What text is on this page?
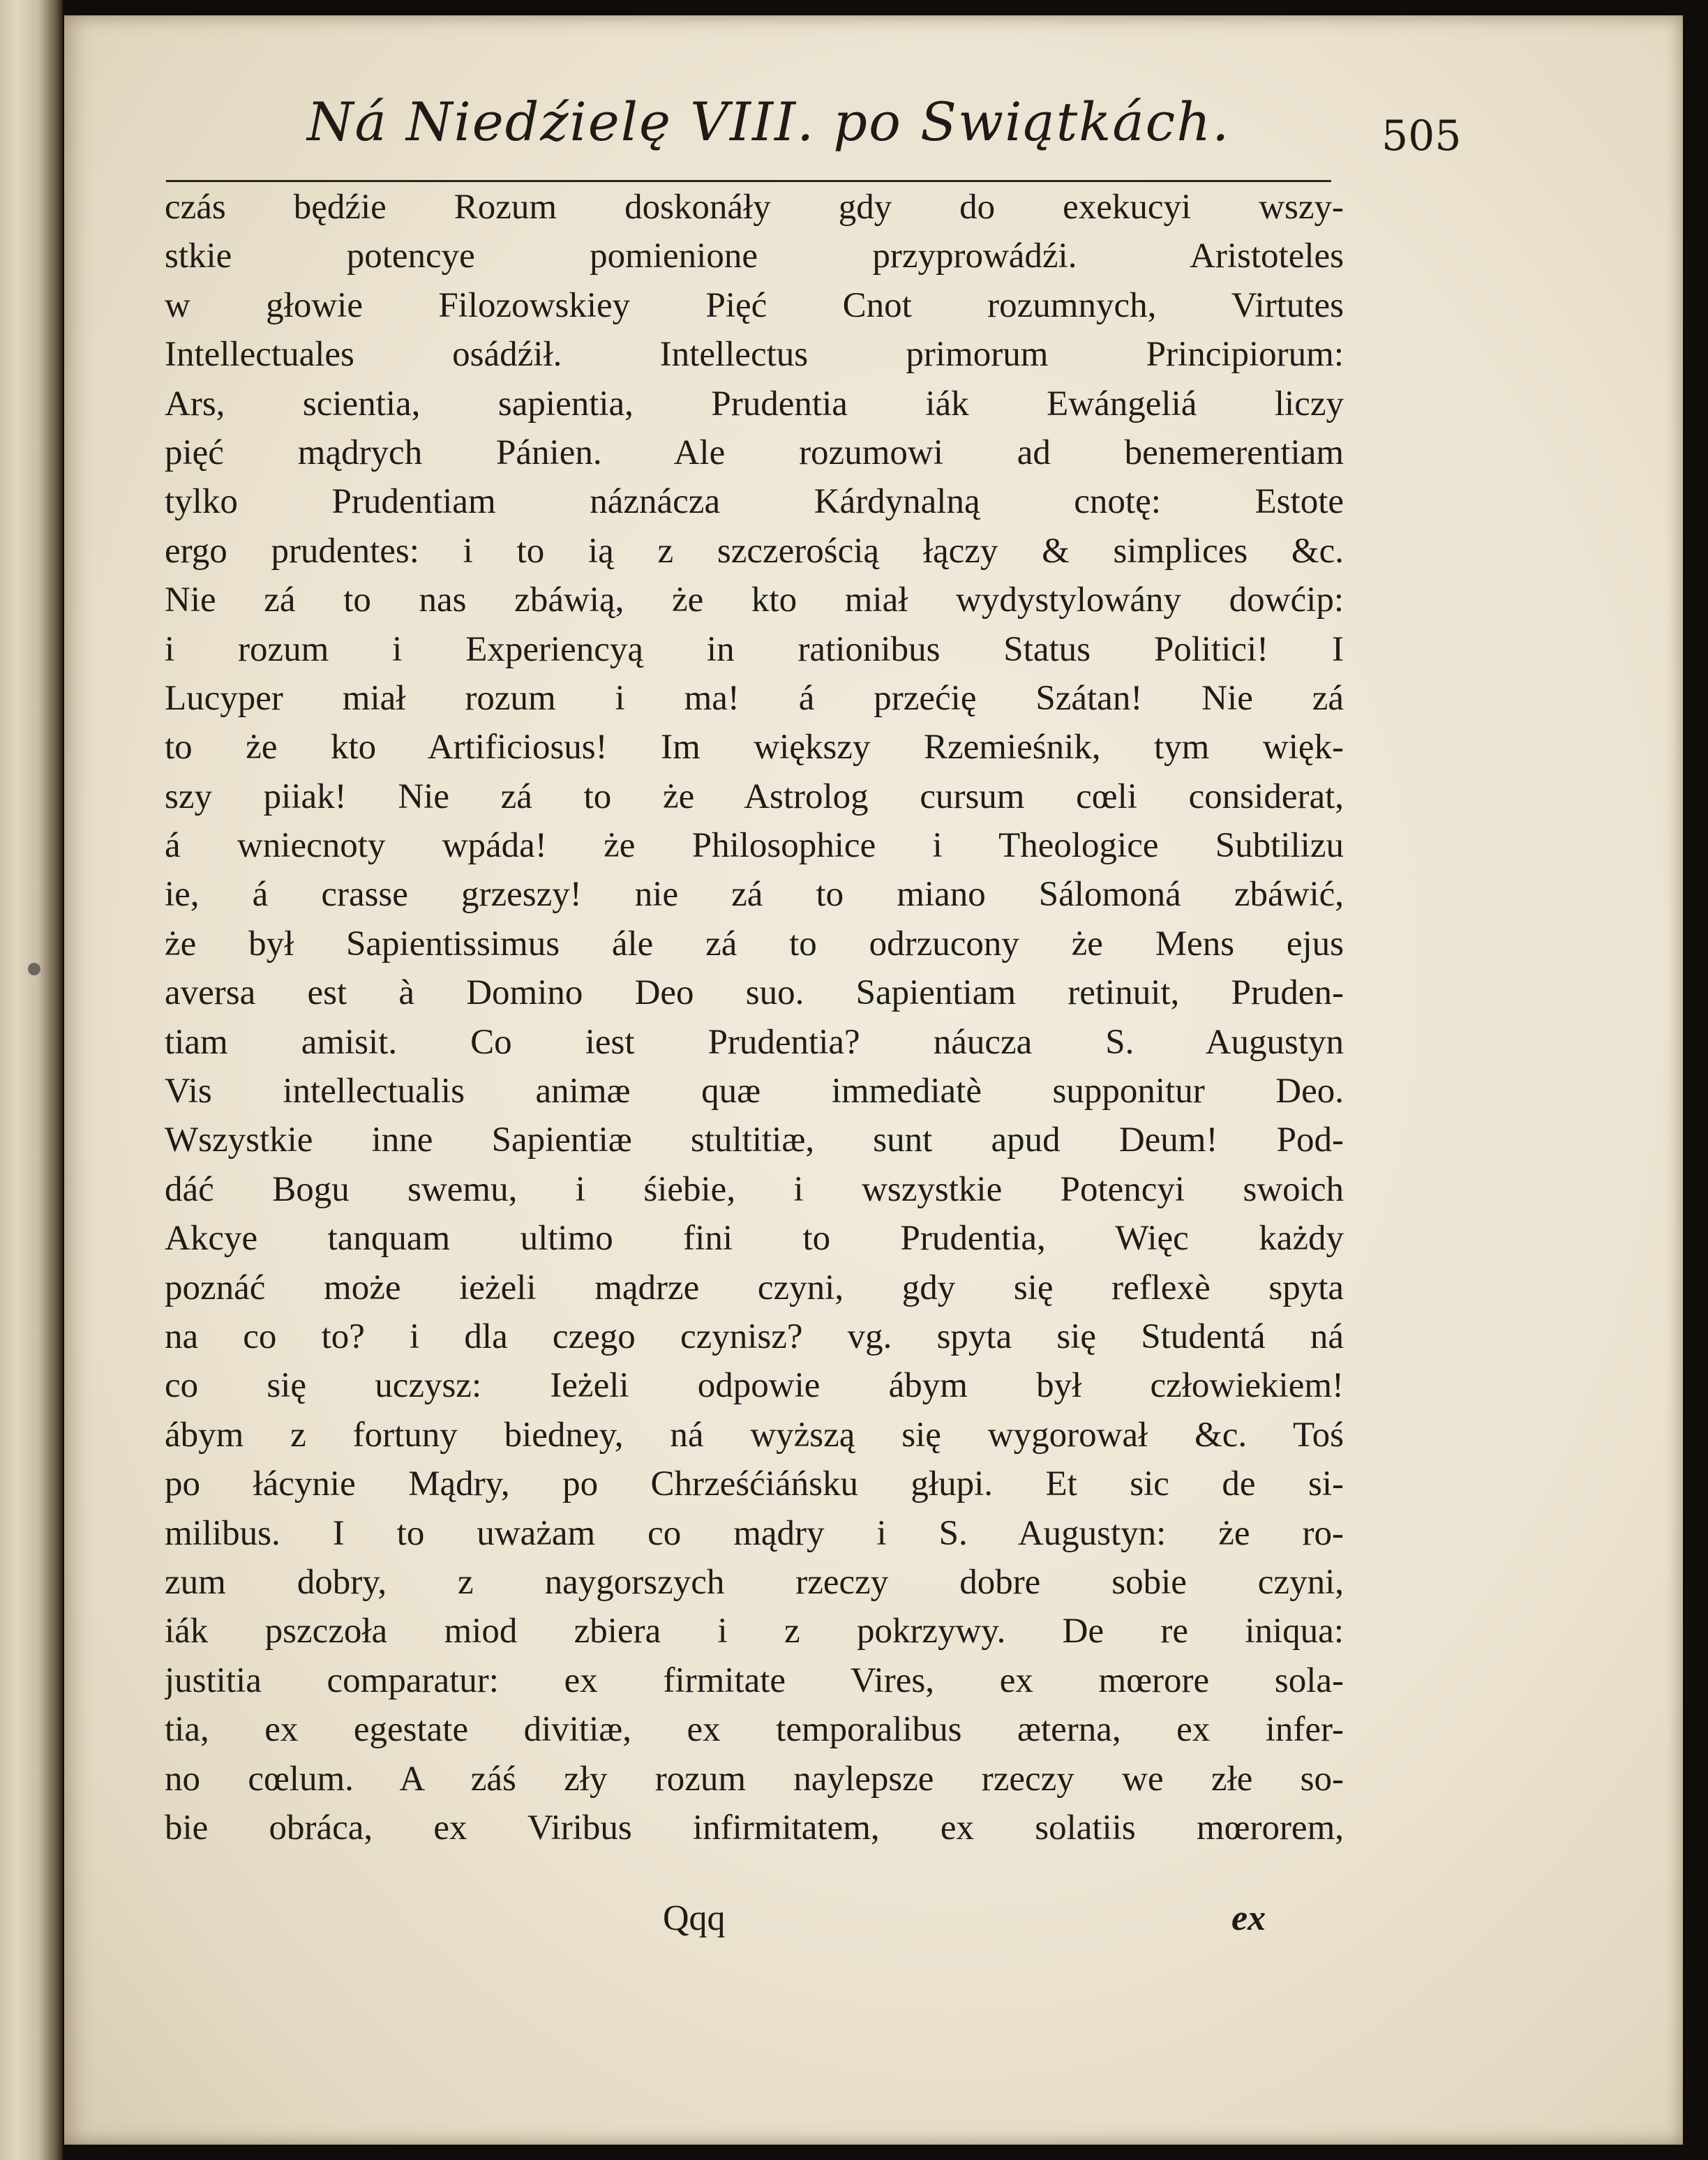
Ná Niedźielę VIII. po Swiątkách.	505
czás będźie Rozum doskonáły gdy do exekucyi wszy-
stkie potencye pomienione przyprowádźi. Aristoteles
w głowie Filozowskiey Pięć Cnot rozumnych, Virtutes
Intellectuales osádźił. Intellectus primorum Principiorum:
Ars, scientia, sapientia, Prudentia iák Ewángeliá liczy
pięć mądrych Pánien. Ale rozumowi ad benemerentiam
tylko Prudentiam náznácza Kárdynalną cnotę: Estote
ergo prudentes: i to ią z szczerością łączy & simplices &c.
Nie zá to nas zbáwią, że kto miał wydystylowány dowćip:
i rozum i Experiencyą in rationibus Status Politici! I
Lucyper miał rozum i ma! á przećię Szátan! Nie zá
to że kto Artificiosus! Im większy Rzemieśnik, tym więk-
szy piiak! Nie zá to że Astrolog cursum cœli considerat,
á wniecnoty wpáda! że Philosophice i Theologice Subtilizu
ie, á crasse grzeszy! nie zá to miano Sálomoná zbáwić,
że był Sapientissimus ále zá to odrzucony że Mens ejus
aversa est à Domino Deo suo. Sapientiam retinuit, Pruden-
tiam amisit. Co iest Prudentia? náucza S. Augustyn
Vis intellectualis animæ quæ immediatè supponitur Deo.
Wszystkie inne Sapientiæ stultitiæ, sunt apud Deum! Pod-
dáć Bogu swemu, i śiebie, i wszystkie Potencyi swoich
Akcye tanquam ultimo fini to Prudentia, Więc każdy
poznáć może ieżeli mądrze czyni, gdy się reflexè spyta
na co to? i dla czego czynisz? vg. spyta się Studentá ná
co się uczysz: Ieżeli odpowie ábym był człowiekiem!
ábym z fortuny biedney, ná wyższą się wygorował &c. Toś
po łácynie Mądry, po Chrześćiáńsku głupi. Et sic de si-
milibus. I to uważam co mądry i S. Augustyn: że ro-
zum dobry, z naygorszych rzeczy dobre sobie czyni,
iák pszczoła miod zbiera i z pokrzywy. De re iniqua:
justitia comparatur: ex firmitate Vires, ex mœrore sola-
tia, ex egestate divitiæ, ex temporalibus æterna, ex infer-
no cœlum. A záś zły rozum naylepsze rzeczy we złe so-
bie obráca, ex Viribus infirmitatem, ex solatiis mœrorem,
Qqq	ex
